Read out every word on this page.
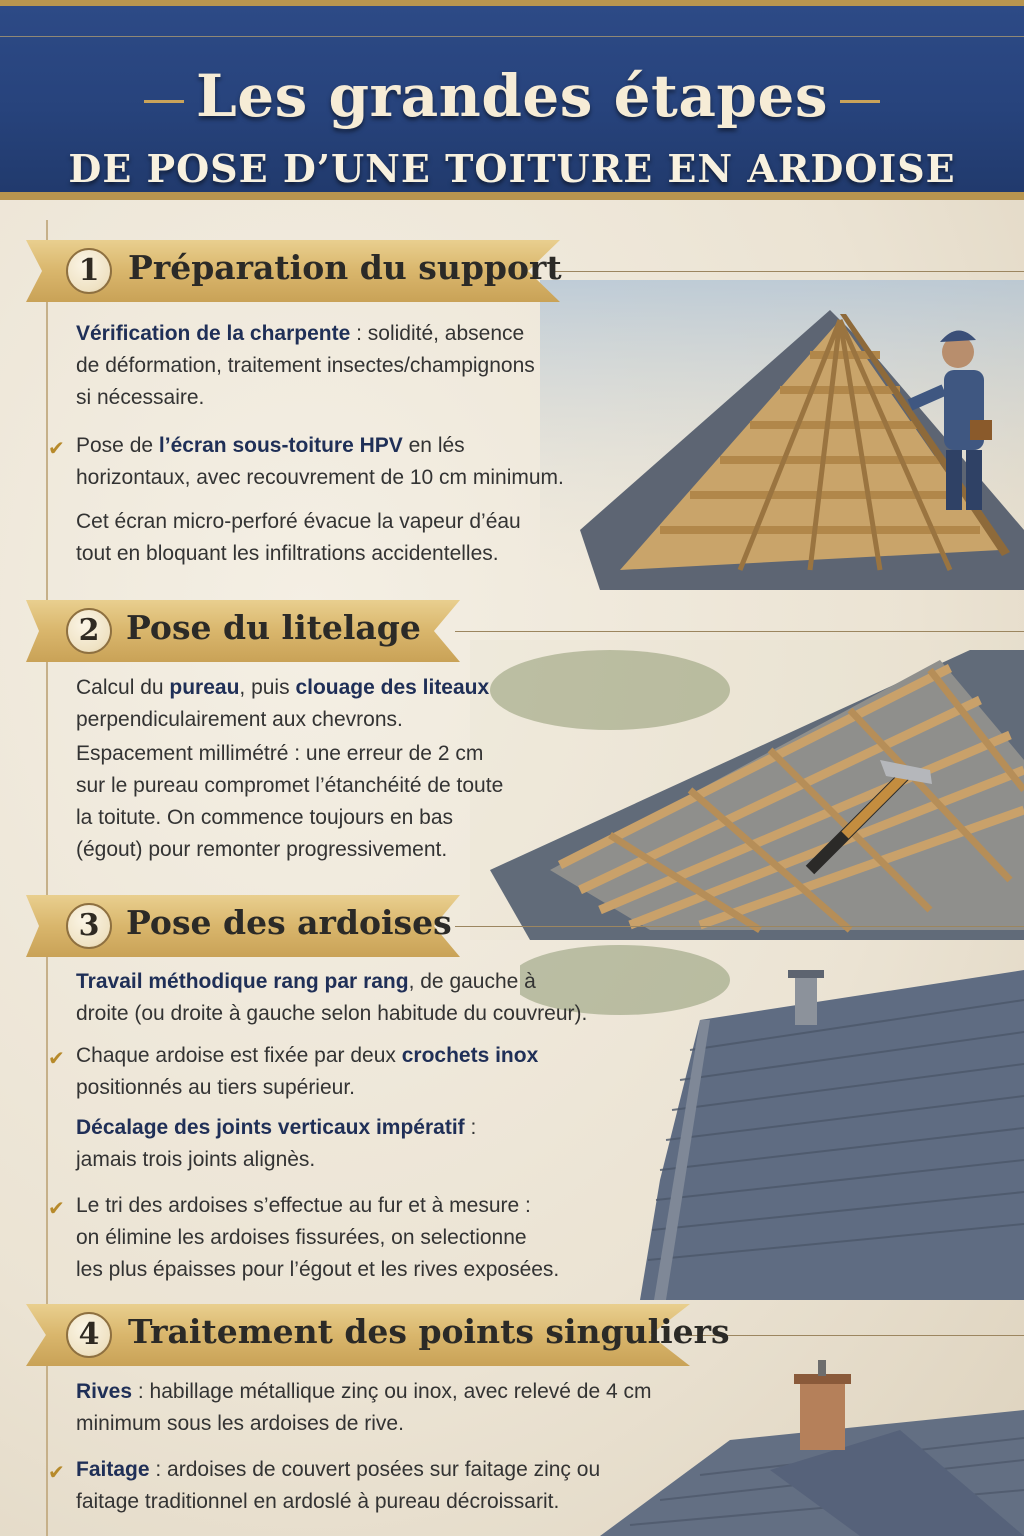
Les grandes étapes
DE POSE D’UNE TOITURE EN ARDOISE
1 Préparation du support
Vérification de la charpente : solidité, absence
de déformation, traitement insectes/champignons
si nécessaire.
✔ Pose de l’écran sous-toiture HPV en lés
horizontaux, avec recouvrement de 10 cm minimum.
Cet écran micro-perforé évacue la vapeur d’éau
tout en bloquant les infiltrations accidentelles.
2 Pose du litelage
Calcul du pureau, puis clouage des liteaux
perpendiculairement aux chevrons.
Espacement millimétré : une erreur de 2 cm
sur le pureau compromet l’étanchéité de toute
la toitute. On commence toujours en bas
(égout) pour remonter progressivement.
3 Pose des ardoises
Travail méthodique rang par rang, de gauche à
droite (ou droite à gauche selon habitude du couvreur).
✔ Chaque ardoise est fixée par deux crochets inox
positionnés au tiers supérieur.
Décalage des joints verticaux impératif :
jamais trois joints alignès.
✔ Le tri des ardoises s’effectue au fur et à mesure :
on élimine les ardoises fissurées, on selectionne
les plus épaisses pour l’égout et les rives exposées.
4 Traitement des points singuliers
Rives : habillage métallique zinç ou inox, avec relevé de 4 cm
minimum sous les ardoises de rive.
✔ Faitage : ardoises de couvert posées sur faitage zinç ou
faitage traditionnel en ardoslé à pureau décroissarit.
